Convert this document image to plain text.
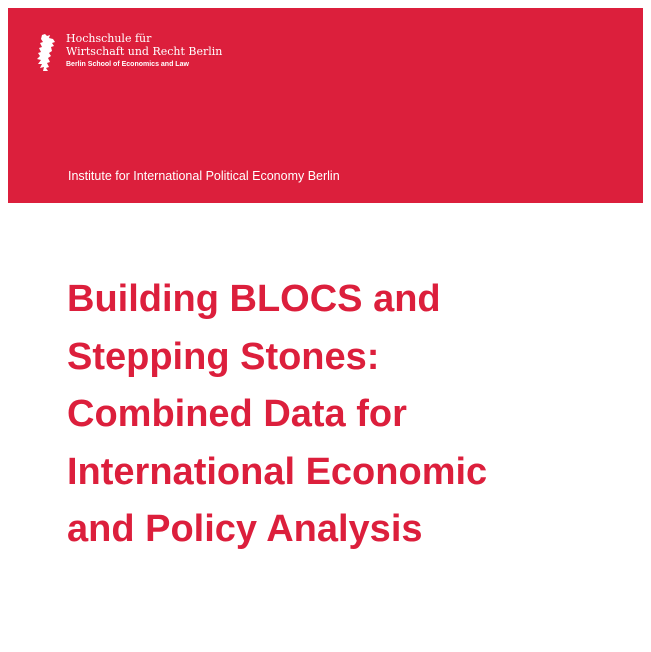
Hochschule für
Wirtschaft und Recht Berlin
Berlin School of Economics and Law
Institute for International Political Economy Berlin
Building BLOCS and
Stepping Stones:
Combined Data for
International Economic
and Policy Analysis
